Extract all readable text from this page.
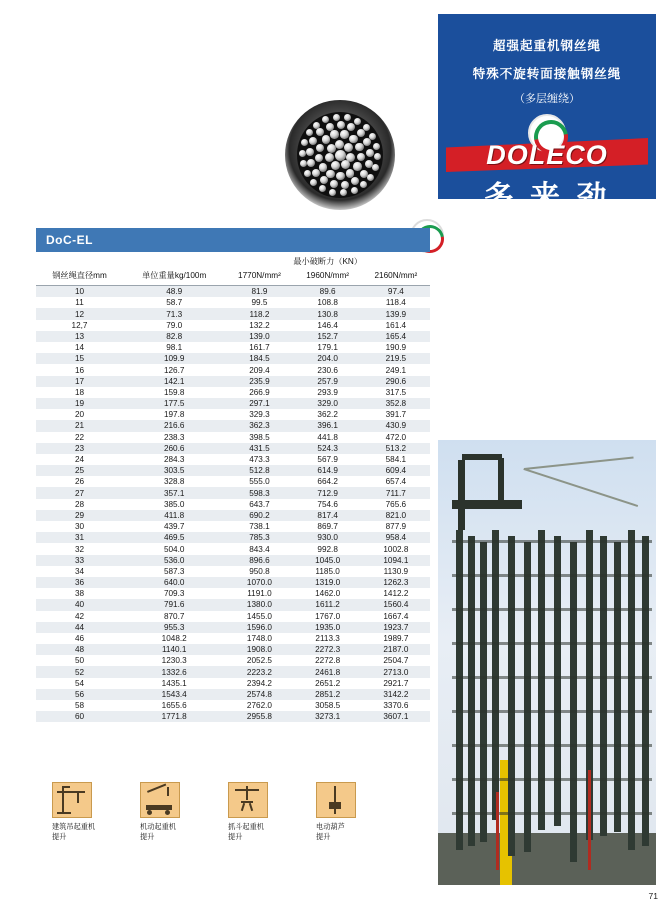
超强起重机钢丝绳
特殊不旋转面接触钢丝绳
（多层缠绕）
DOLECO
多 来 劲
DoC-EL
		最小破断力（KN）		
钢丝绳直径mm	单位重量kg/100m	1770N/mm²	1960N/mm²	2160N/mm²
10	48.9	81.9	89.6	97.4
11	58.7	99.5	108.8	118.4
12	71.3	118.2	130.8	139.9
12,7	79.0	132.2	146.4	161.4
13	82.8	139.0	152.7	165.4
14	98.1	161.7	179.1	190.9
15	109.9	184.5	204.0	219.5
16	126.7	209.4	230.6	249.1
17	142.1	235.9	257.9	290.6
18	159.8	266.9	293.9	317.5
19	177.5	297.1	329.0	352.8
20	197.8	329.3	362.2	391.7
21	216.6	362.3	396.1	430.9
22	238.3	398.5	441.8	472.0
23	260.6	431.5	524.3	513.2
24	284.3	473.3	567.9	584.1
25	303.5	512.8	614.9	609.4
26	328.8	555.0	664.2	657.4
27	357.1	598.3	712.9	711.7
28	385.0	643.7	754.6	765.6
29	411.8	690.2	817.4	821.0
30	439.7	738.1	869.7	877.9
31	469.5	785.3	930.0	958.4
32	504.0	843.4	992.8	1002.8
33	536.0	896.6	1045.0	1094.1
34	587.3	950.8	1185.0	1130.9
36	640.0	1070.0	1319.0	1262.3
38	709.3	1191.0	1462.0	1412.2
40	791.6	1380.0	1611.2	1560.4
42	870.7	1455.0	1767.0	1667.4
44	955.3	1596.0	1935.0	1923.7
46	1048.2	1748.0	2113.3	1989.7
48	1140.1	1908.0	2272.3	2187.0
50	1230.3	2052.5	2272.8	2504.7
52	1332.6	2223.2	2461.8	2713.0
54	1435.1	2394.2	2651.2	2921.7
56	1543.4	2574.8	2851.2	3142.2
58	1655.6	2762.0	3058.5	3370.6
60	1771.8	2955.8	3273.1	3607.1
建筑吊起重机
提升
机动起重机
提升
抓斗起重机
提升
电动葫芦
提升
71
